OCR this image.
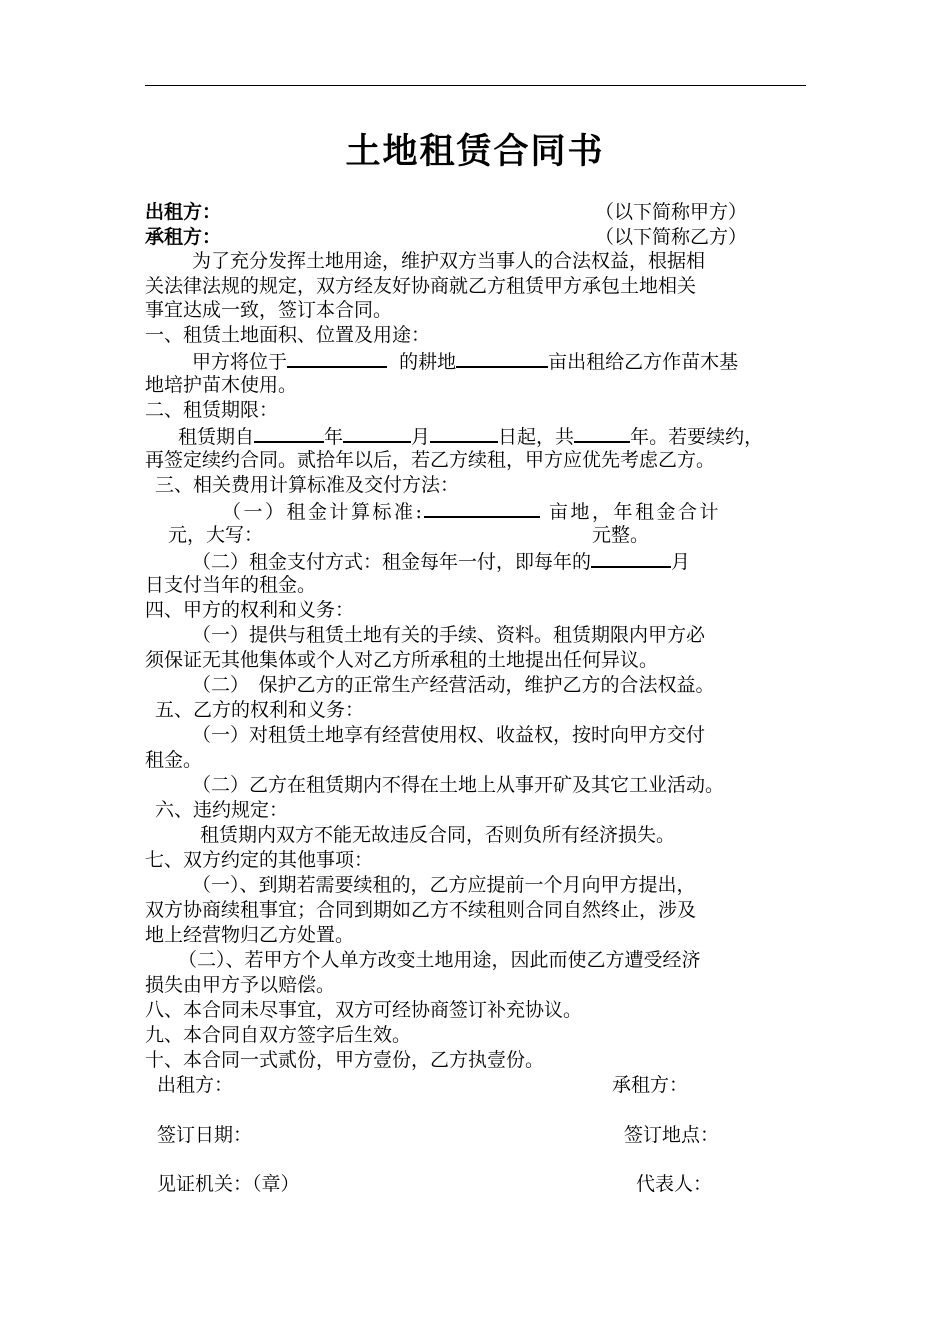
土地租赁合同书
出租方：	（以下简称甲方）
承租方：	（以下简称乙方）
为了充分发挥土地用途，维护双方当事人的合法权益，根据相
关法律法规的规定，双方经友好协商就乙方租赁甲方承包土地相关
事宜达成一致，签订本合同。
一、租赁土地面积、位置及用途：
甲方将位于	的耕地	亩出租给乙方作苗木基
地培护苗木使用。
二、租赁期限：
租赁期自	年	月	日起，共	年。若要续约，
再签定续约合同。贰拾年以后，若乙方续租，甲方应优先考虑乙方。
三、相关费用计算标准及交付方法：
（一）租金计算标准:	亩地，年租金合计
元，大写：	元整。
（二）租金支付方式：租金每年一付，即每年的	月
日支付当年的租金。
四、甲方的权利和义务：
（一）提供与租赁土地有关的手续、资料。租赁期限内甲方必
须保证无其他集体或个人对乙方所承租的土地提出任何异议。
（二）　保护乙方的正常生产经营活动，维护乙方的合法权益。
五、乙方的权利和义务：
（一）对租赁土地享有经营使用权、收益权，按时向甲方交付
租金。
（二）乙方在租赁期内不得在土地上从事开矿及其它工业活动。
六、违约规定：
租赁期内双方不能无故违反合同，否则负所有经济损失。
七、双方约定的其他事项：
（一）、到期若需要续租的，乙方应提前一个月向甲方提出，
双方协商续租事宜；合同到期如乙方不续租则合同自然终止，涉及
地上经营物归乙方处置。
（二）、若甲方个人单方改变土地用途，因此而使乙方遭受经济
损失由甲方予以赔偿。
八、本合同未尽事宜，双方可经协商签订补充协议。
九、本合同自双方签字后生效。
十、本合同一式贰份，甲方壹份，乙方执壹份。
出租方：	承租方：
签订日期：	签订地点：
见证机关：（章）	代表人：
